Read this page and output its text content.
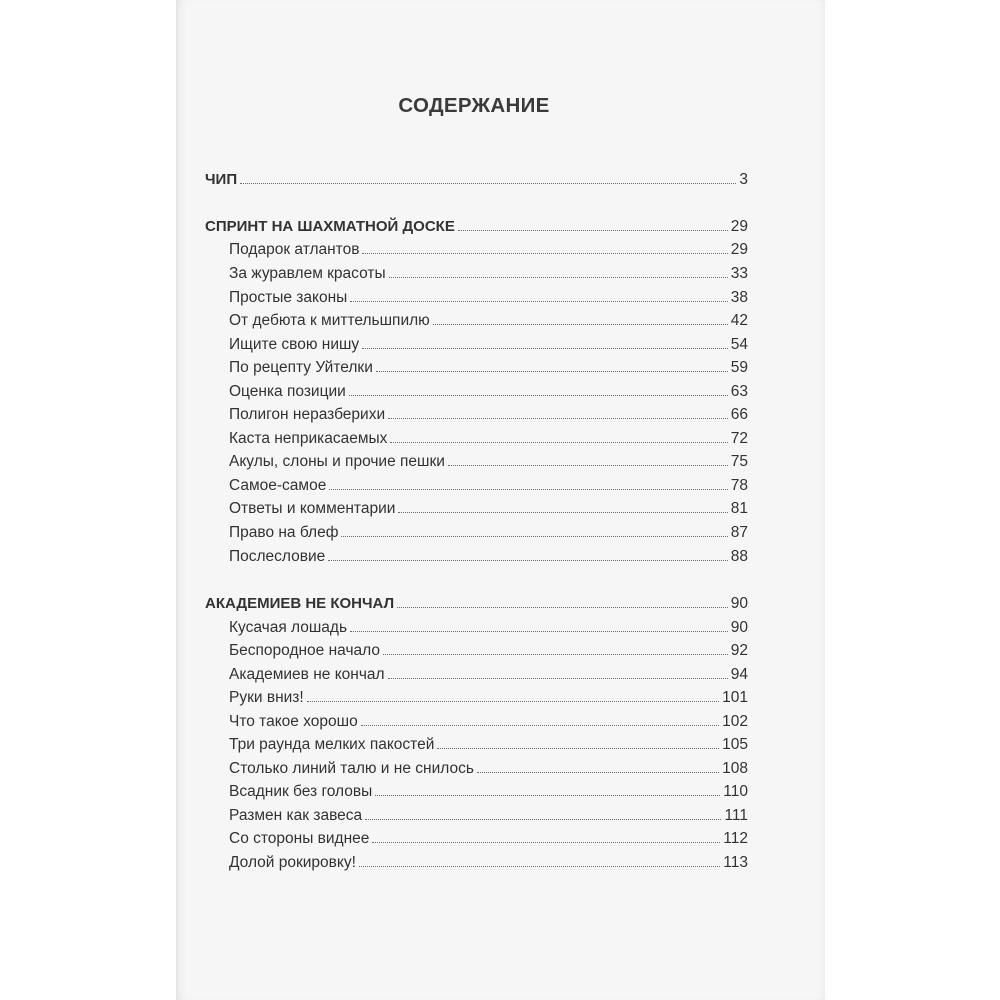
СОДЕРЖАНИЕ
ЧИП	3
СПРИНТ НА ШАХМАТНОЙ ДОСКЕ	29
Подарок атлантов	29
За журавлем красоты	33
Простые законы	38
От дебюта к миттельшпилю	42
Ищите свою нишу	54
По рецепту Уйтелки	59
Оценка позиции	63
Полигон неразберихи	66
Каста неприкасаемых	72
Акулы, слоны и прочие пешки	75
Самое-самое	78
Ответы и комментарии	81
Право на блеф	87
Послесловие	88
АКАДЕМИЕВ НЕ КОНЧАЛ	90
Кусачая лошадь	90
Беспородное начало	92
Академиев не кончал	94
Руки вниз!	101
Что такое хорошо	102
Три раунда мелких пакостей	105
Столько линий талю и не снилось	108
Всадник без головы	110
Размен как завеса	111
Со стороны виднее	112
Долой рокировку!	113
